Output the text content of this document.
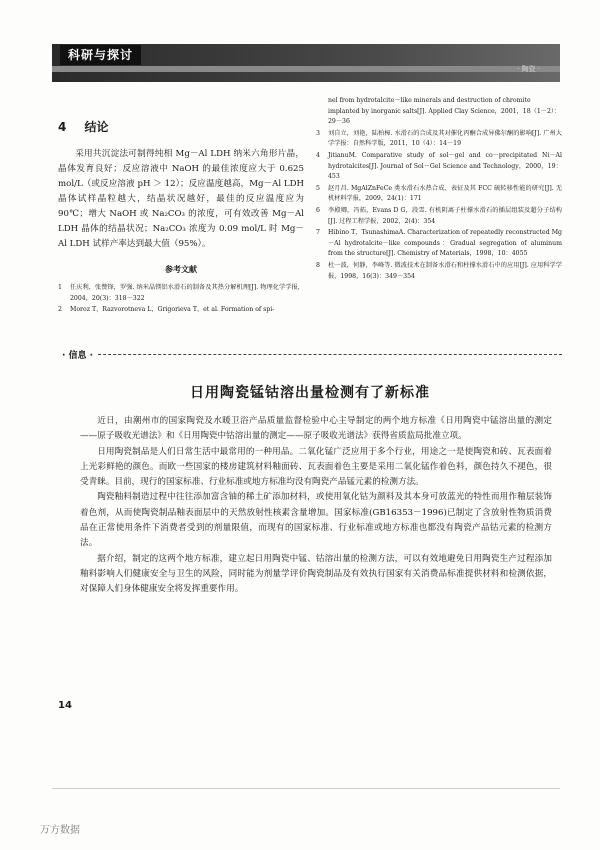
科研与探讨
· 陶瓷 ·
4 结论

采用共沉淀法可制得纯相 Mg－Al LDH 纳米六角形片晶，晶体发育良好；反应溶液中 NaOH 的最佳浓度应大于 0.625 mol/L（或反应溶液 pH ＞ 12）；反应温度越高，Mg－Al LDH 晶体试样晶粒越大，结晶状况越好，最佳的反应温度应为 90℃；增大 NaOH 或 Na₂CO₃ 的浓度，可有效改善 Mg－Al LDH 晶体的结晶状况；Na₂CO₃ 浓度为 0.09 mol/L 时 Mg－Al LDH 试样产率达到最大值（95%）。

参考文献
1	任庆利，张赞锋，罗强. 纳米晶镁铝水滑石的制备及其热分解机理[J]. 物理化学学报，2004，20(3)：318－322
2	Moroz T，Razvorotneva L，Grigorieva T，et al. Formation of spi-
nel from hydrotalcite－like minerals and destruction of chromite implanted by inorganic salts[J]. Applied Clay Science，2001，18（1－2）：29－36
3	刘自立，刘艳，陆柏樟. 水滑石的合成及其对催化丙酮合成异佛尔酮的影响[J]. 广州大学学报：自然科学版，2011，10（4）：14－19
4	JitianuM. Comparative study of sol－gel and co－precipitated Ni－Al hydrotalcites[J]. Journal of Sol－Gel Science and Technology，2000，19：453
5	赵月昌. MgAlZnFeCe 类水滑石水热合成、表征及其 FCC 硫转移性能的研究[J]. 无机材料学报，2009，24(1)：171
6	李殿卿，冯拓，Evans D G，段雪. 有机阴离子柱撑水滑石的插层组装及超分子结构[J]. 过程工程学报，2002，2(4)：354
7	Hibino T，TsunashimaA. Characterization of repeatedly reconstructed Mg－Al hydrotalcite－like compounds：Gradual segregation of aluminum from the structure[J]. Chemistry of Materials，1998，10：4055
8	杜一波，何静，李峰等. 微波技术在制备水滑石和柱撑水滑石中的应用[J]. 应用科学学报，1998，16(3)：349－354
· 信息 ·
日用陶瓷锰钴溶出量检测有了新标准

近日，由潮州市的国家陶瓷及水暖卫浴产品质量监督检验中心主导制定的两个地方标准《日用陶瓷中锰溶出量的测定——原子吸收光谱法》和《日用陶瓷中钴溶出量的测定——原子吸收光谱法》获得省质监局批准立项。

日用陶瓷制品是人们日常生活中最常用的一种用品。二氧化锰广泛应用于多个行业，用途之一是使陶瓷和砖、瓦表面着上光彩鲜艳的颜色。而欧一些国家的楼房建筑材料釉面砖、瓦表面着色主要是采用二氧化锰作着色料，颜色持久不褪色，很受青睐。目前，现行的国家标准、行业标准或地方标准均没有陶瓷产品锰元素的检测方法。

陶瓷釉料制造过程中往往添加富含铀的稀土矿添加材料，或使用氧化钴为颜料及其本身可放蓝光的特性而用作釉层装饰着色剂，从而使陶瓷制品釉表面层中的天然放射性核素含量增加。国家标准(GB16353－1996)已制定了含放射性物质消费品在正常使用条件下消费者受到的剂量限值，而现有的国家标准、行业标准或地方标准也都没有陶瓷产品钴元素的检测方法。

据介绍，制定的这两个地方标准，建立起日用陶瓷中锰、钴溶出量的检测方法，可以有效地避免日用陶瓷生产过程添加釉料影响人们健康安全与卫生的风险，同时能为剂量学评价陶瓷制品及有效执行国家有关消费品标准提供材料和检测依据，对保障人们身体健康安全将发挥重要作用。

14
万方数据
